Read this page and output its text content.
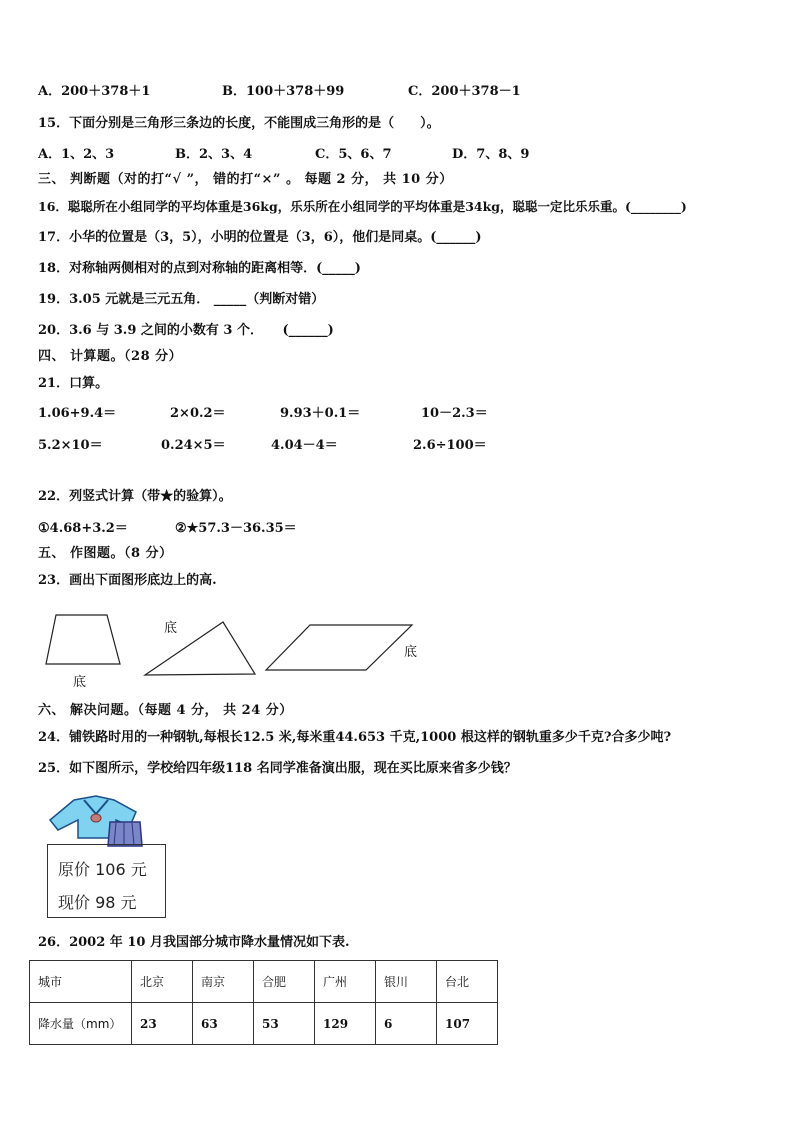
A．200＋378＋1	B．100＋378＋99	C．200＋378－1
15．下面分别是三角形三条边的长度，不能围成三角形的是（　　）。
A．1、2、3	B．2、3、4	C．5、6、7	D．7、8、9
三、 判断题（对的打“√ ”， 错的打“×” 。 每题 2 分， 共 10 分）
16．聪聪所在小组同学的平均体重是36kg，乐乐所在小组同学的平均体重是34kg，聪聪一定比乐乐重。(________)
17．小华的位置是（3，5），小明的位置是（3，6），他们是同桌。(______)
18．对称轴两侧相对的点到对称轴的距离相等．(_____)
19．3.05 元就是三元五角． _____（判断对错）
20．3.6 与 3.9 之间的小数有 3 个．　　(______)
四、 计算题。（28 分）
21．口算。
1.06+9.4＝	2×0.2＝	9.93＋0.1＝	10－2.3＝
5.2×10＝	0.24×5＝	4.04－4＝	2.6÷100＝
22．列竖式计算（带★的验算）。
①4.68+3.2＝	②★57.3－36.35＝
五、 作图题。（8 分）
23．画出下面图形底边上的高.
底
底
底
六、 解决问题。（每题 4 分， 共 24 分）
24．铺铁路时用的一种钢轨,每根长12.5 米,每米重44.653 千克,1000 根这样的钢轨重多少千克?合多少吨?
25．如下图所示，学校给四年级118 名同学准备演出服，现在买比原来省多少钱？
原价 106 元
现价 98 元
26．2002 年 10 月我国部分城市降水量情况如下表.
城市	北京	南京	合肥	广州	银川	台北
降水量（mm）	23	63	53	129	6	107
